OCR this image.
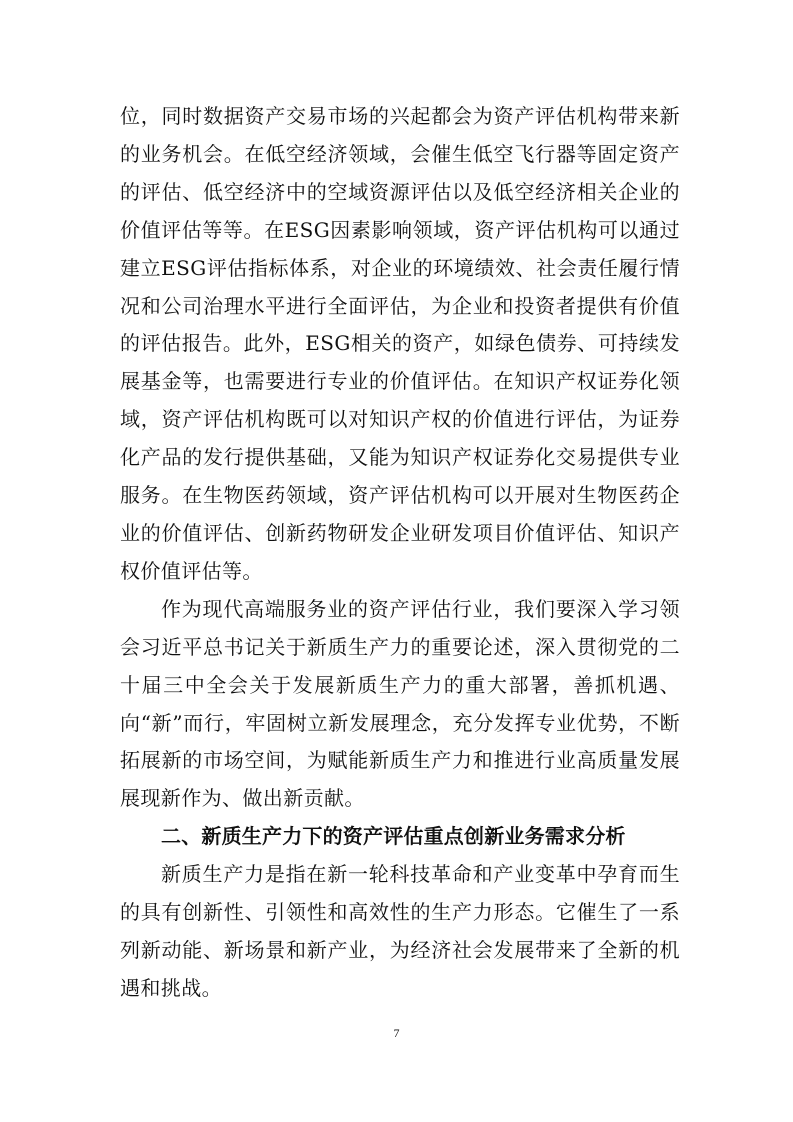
位，同时数据资产交易市场的兴起都会为资产评估机构带来新的业务机会。在低空经济领域，会催生低空飞行器等固定资产的评估、低空经济中的空域资源评估以及低空经济相关企业的价值评估等等。在ESG因素影响领域，资产评估机构可以通过建立ESG评估指标体系，对企业的环境绩效、社会责任履行情况和公司治理水平进行全面评估，为企业和投资者提供有价值的评估报告。此外，ESG相关的资产，如绿色债券、可持续发展基金等，也需要进行专业的价值评估。在知识产权证券化领域，资产评估机构既可以对知识产权的价值进行评估，为证券化产品的发行提供基础，又能为知识产权证券化交易提供专业服务。在生物医药领域，资产评估机构可以开展对生物医药企业的价值评估、创新药物研发企业研发项目价值评估、知识产权价值评估等。

作为现代高端服务业的资产评估行业，我们要深入学习领会习近平总书记关于新质生产力的重要论述，深入贯彻党的二十届三中全会关于发展新质生产力的重大部署，善抓机遇、向“新”而行，牢固树立新发展理念，充分发挥专业优势，不断拓展新的市场空间，为赋能新质生产力和推进行业高质量发展展现新作为、做出新贡献。

二、新质生产力下的资产评估重点创新业务需求分析

新质生产力是指在新一轮科技革命和产业变革中孕育而生的具有创新性、引领性和高效性的生产力形态。它催生了一系列新动能、新场景和新产业，为经济社会发展带来了全新的机遇和挑战。

7
